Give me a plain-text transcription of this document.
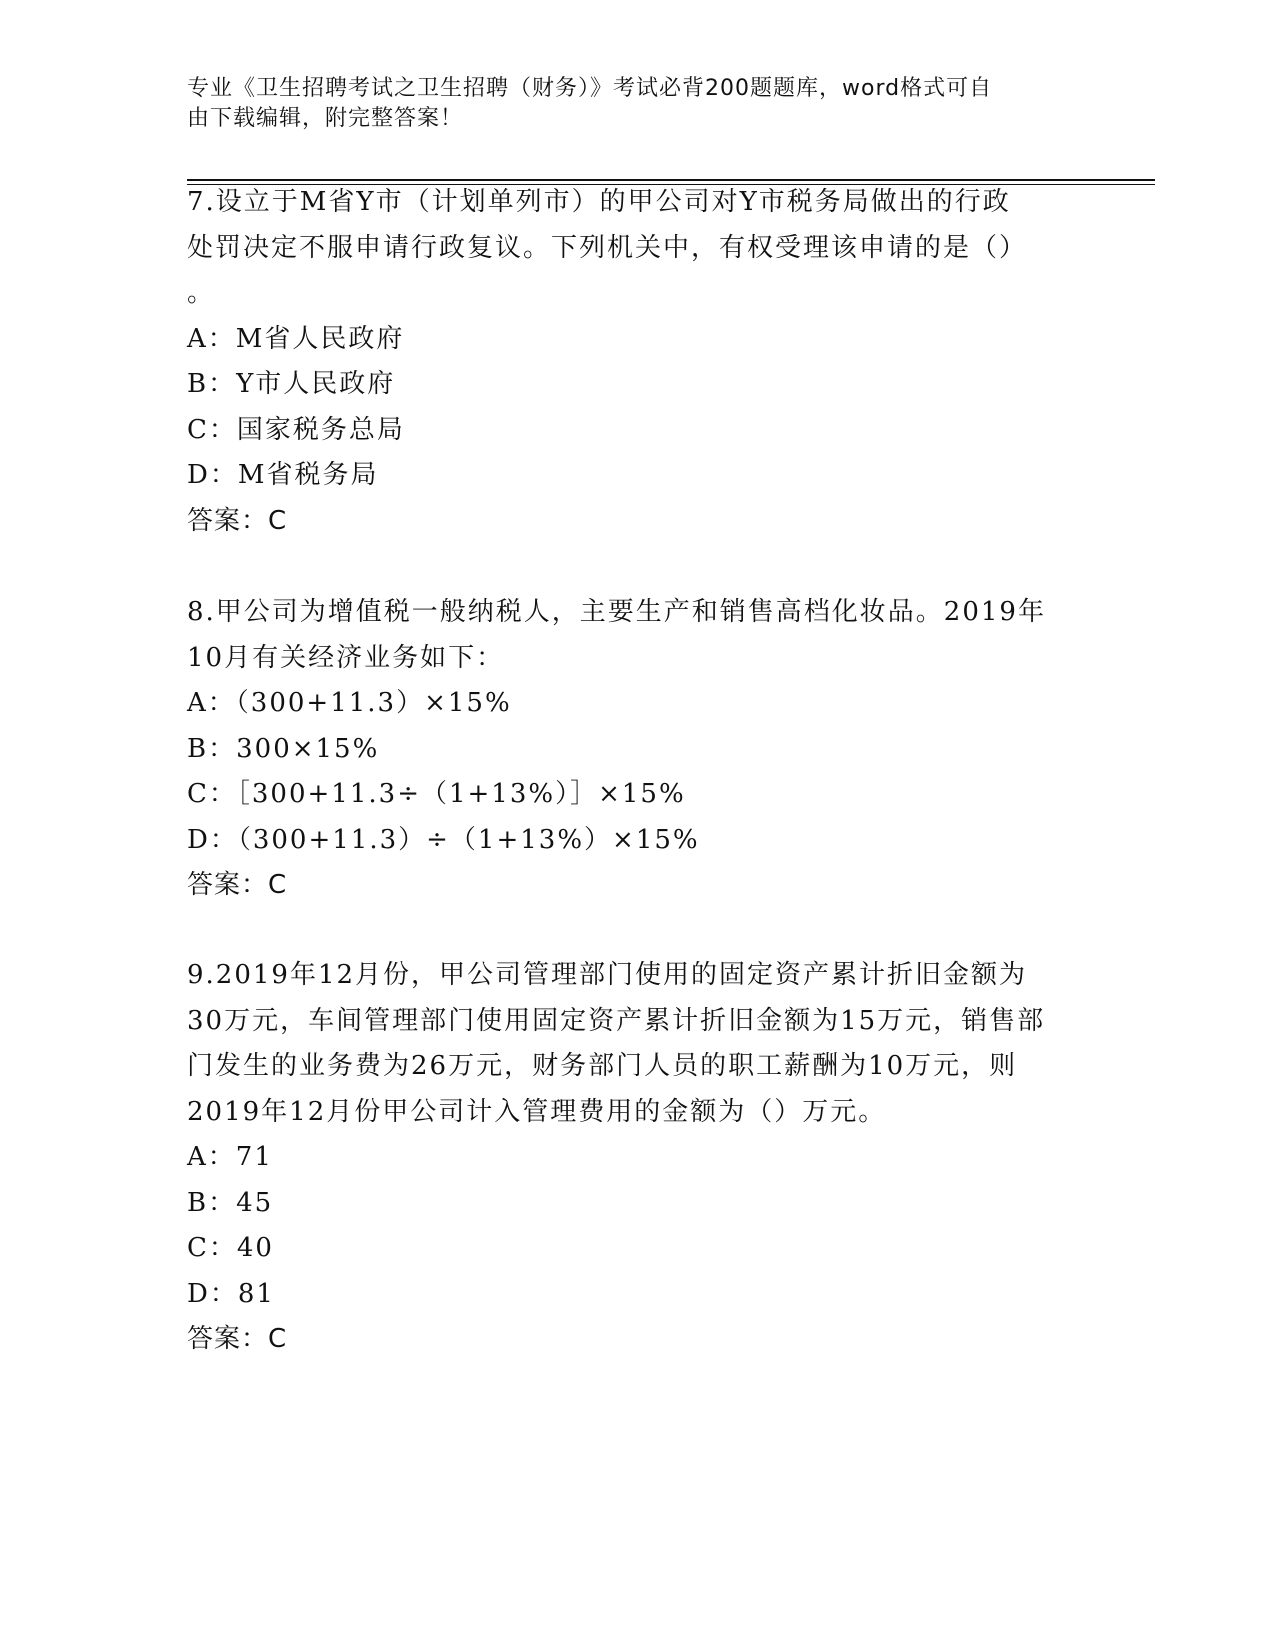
专业《卫生招聘考试之卫生招聘（财务）》考试必背200题题库，word格式可自
由下载编辑，附完整答案！
7.设立于M省Y市（计划单列市）的甲公司对Y市税务局做出的行政
处罚决定不服申请行政复议。下列机关中，有权受理该申请的是（）
。
A：M省人民政府
B：Y市人民政府
C：国家税务总局
D：M省税务局
答案：C
8.甲公司为增值税一般纳税人，主要生产和销售高档化妆品。2019年
10月有关经济业务如下：
A：（300+11.3）×15%
B：300×15%
C：［300+11.3÷（1+13%）］×15%
D：（300+11.3）÷（1+13%）×15%
答案：C
9.2019年12月份，甲公司管理部门使用的固定资产累计折旧金额为
30万元，车间管理部门使用固定资产累计折旧金额为15万元，销售部
门发生的业务费为26万元，财务部门人员的职工薪酬为10万元，则
2019年12月份甲公司计入管理费用的金额为（）万元。
A：71
B：45
C：40
D：81
答案：C
